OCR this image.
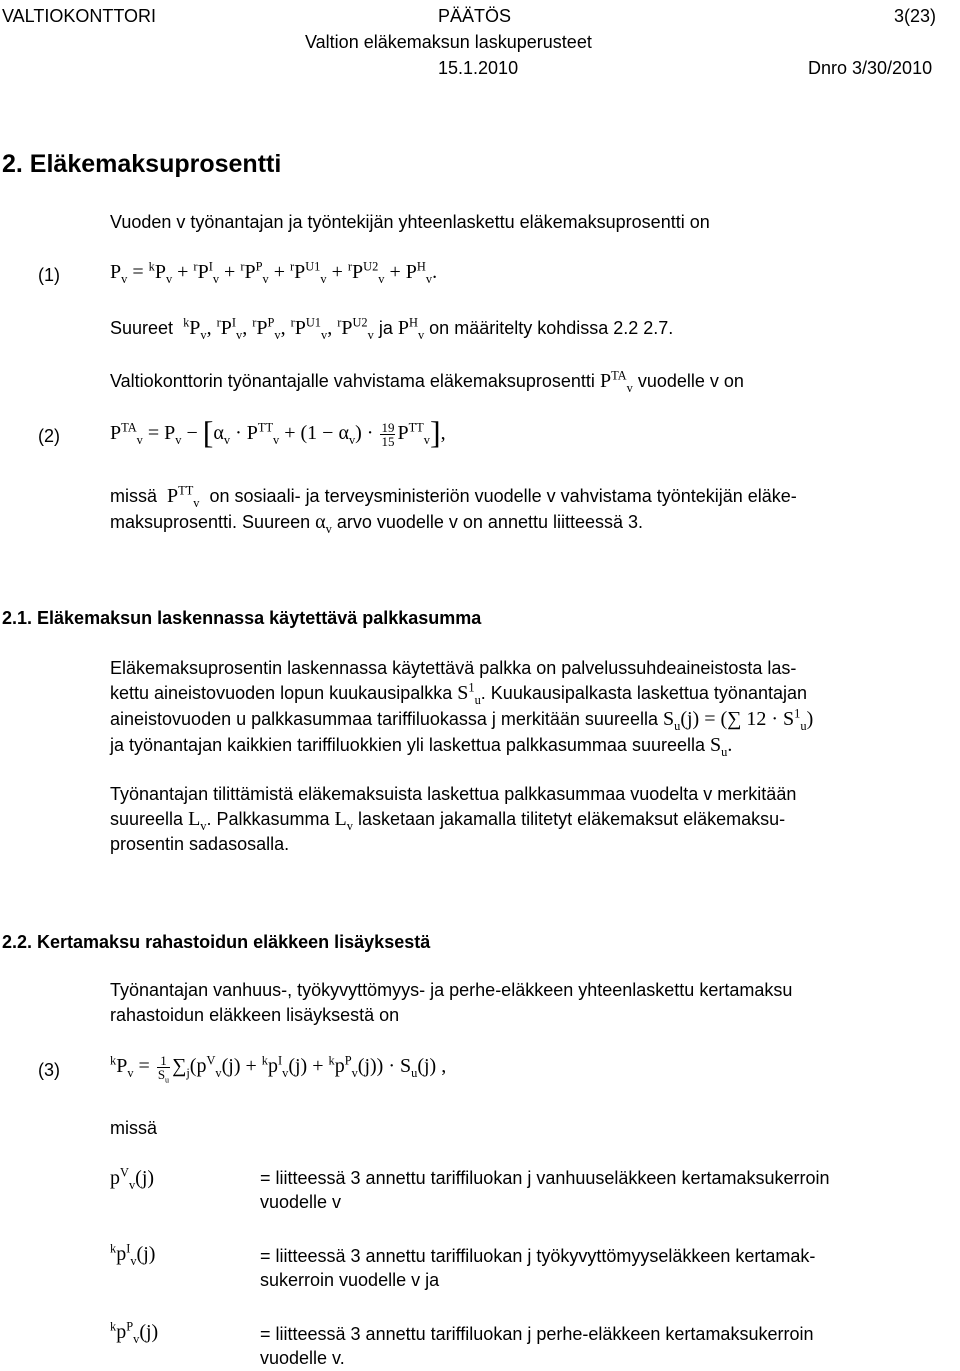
VALTIOKONTTORI	PÄÄTÖS	3(23)
Valtion eläkemaksun laskuperusteet
15.1.2010	Dnro 3/30/2010
2. Eläkemaksuprosentti
Vuoden v työnantajan ja työntekijän yhteenlaskettu eläkemaksuprosentti on
(1)	$P_v = ^kP_v + ^rP^I_v + ^rP^P_v + ^rP^{U1}_v + ^rP^{U2}_v + P^H_v$.
Suureet $^kP_v$, $^rP^I_v$, $^rP^P_v$, $^rP^{U1}_v$, $^rP^{U2}_v$ ja $P^H_v$ on määritelty kohdissa 2.2 2.7.
Valtiokonttorin työnantajalle vahvistama eläkemaksuprosentti $P^{TA}_v$ vuodelle v on
(2)	$P^{TA}_v = P_v - [\alpha_v \cdot P^{TT}_v + (1 - \alpha_v) \cdot \frac{19}{15} P^{TT}_v]$,
missä  $P^{TT}_v$ on sosiaali- ja terveysministeriön vuodelle v vahvistama työntekijän eläke-
maksuprosentti. Suureen $\alpha_v$ arvo vuodelle v on annettu liitteessä 3.
2.1. Eläkemaksun laskennassa käytettävä palkkasumma
Eläkemaksuprosentin laskennassa käytettävä palkka on palvelussuhdeaineistosta las-
kettu aineistovuoden lopun kuukausipalkka $S^1_u$. Kuukausipalkasta laskettua työnantajan
aineistovuoden u palkkasummaa tariffiluokassa j merkitään suureella $S_u(j)$ = (∑ $12 \cdot S^1_u$)
ja työnantajan kaikkien tariffiluokkien yli laskettua palkkasummaa suureella $S_u$.
Työnantajan tilittämistä eläkemaksuista laskettua palkkasummaa vuodelta v merkitään
suureella $L_v$. Palkkasumma $L_v$ lasketaan jakamalla tilitetyt eläkemaksut eläkemaksu-
prosentin sadasosalla.
2.2. Kertamaksu rahastoidun eläkkeen lisäyksestä
Työnantajan vanhuus-, työkyvyttömyys- ja perhe-eläkkeen yhteenlaskettu kertamaksu
rahastoidun eläkkeen lisäyksestä on
(3)	$^kP_v = \frac{1}{S_u} \sum_j(p^V_v(j) + ^kp^I_v(j) + ^kp^P_v(j)) \cdot S_u(j)$ ,
missä
$p^V_v(j)$	= liitteessä 3 annettu tariffiluokan j vanhuuseläkkeen kertamaksukerroin
vuodelle v
$^kp^I_v(j)$	= liitteessä 3 annettu tariffiluokan j työkyvyttömyyseläkkeen kertamak-
sukerroin vuodelle v ja
$^kp^P_v(j)$	= liitteessä 3 annettu tariffiluokan j perhe-eläkkeen kertamaksukerroin
vuodelle v.
